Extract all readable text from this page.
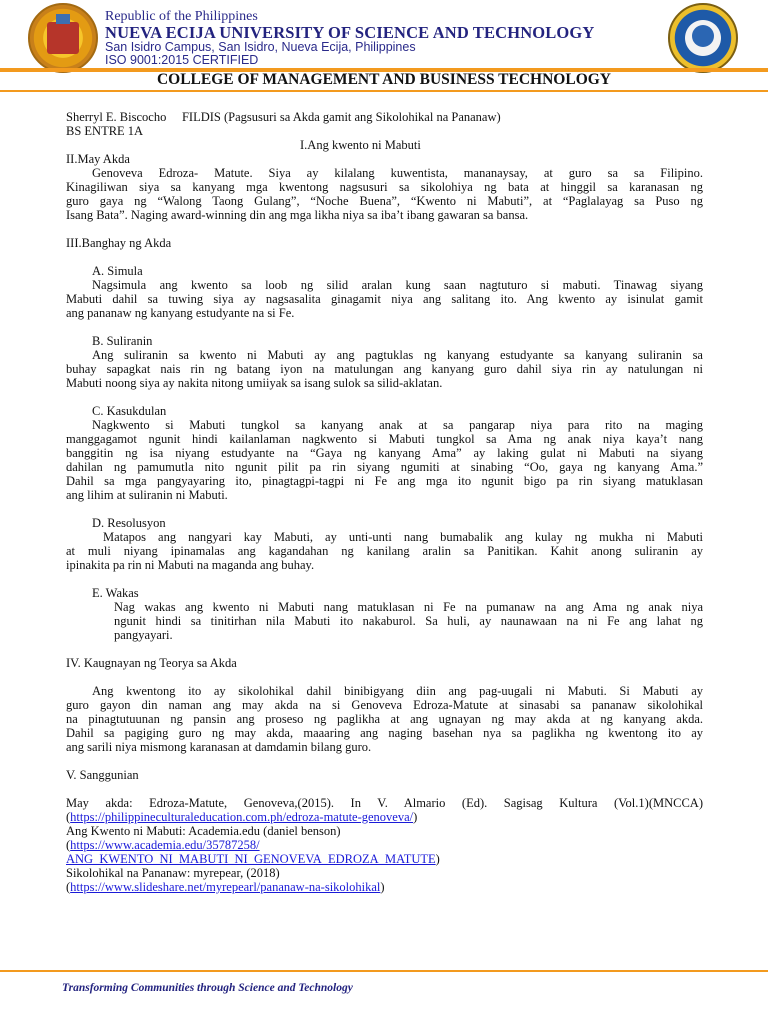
Republic of the Philippines
NUEVA ECIJA UNIVERSITY OF SCIENCE AND TECHNOLOGY
San Isidro Campus, San Isidro, Nueva Ecija, Philippines
ISO 9001:2015 CERTIFIED
COLLEGE OF MANAGEMENT AND BUSINESS TECHNOLOGY
Sherryl E. Biscocho     FILDIS (Pagsusuri sa Akda gamit ang Sikolohikal na Pananaw)
BS ENTRE 1A
I.Ang kwento ni Mabuti
II.May Akda
Genoveva Edroza- Matute. Siya ay kilalang kuwentista, mananaysay, at guro sa sa Filipino.
Kinagiliwan siya sa kanyang mga kwentong nagsusuri sa sikolohiya ng bata at hinggil sa karanasan ng
guro gaya ng “Walong Taong Gulang”, “Noche Buena”, “Kwento ni Mabuti”, at “Paglalayag sa Puso ng
Isang Bata”. Naging award-winning din ang mga likha niya sa iba’t ibang gawaran sa bansa.
III.Banghay ng Akda
A. Simula
Nagsimula ang kwento sa loob ng silid aralan kung saan nagtuturo si mabuti. Tinawag siyang
Mabuti dahil sa tuwing siya ay nagsasalita ginagamit niya ang salitang ito. Ang kwento ay isinulat gamit
ang pananaw ng kanyang estudyante na si Fe.
B. Suliranin
Ang suliranin sa kwento ni Mabuti ay ang pagtuklas ng kanyang estudyante sa kanyang suliranin sa
buhay sapagkat nais rin ng batang iyon na matulungan ang kanyang guro dahil siya rin ay natulungan ni
Mabuti noong siya ay nakita nitong umiiyak sa isang sulok sa silid-aklatan.
C. Kasukdulan
Nagkwento si Mabuti tungkol sa kanyang anak at sa pangarap niya para rito na maging
manggagamot ngunit hindi kailanlaman nagkwento si Mabuti tungkol sa Ama ng anak niya kaya’t nang
banggitin ng isa niyang estudyante na “Gaya ng kanyang Ama” ay laking gulat ni Mabuti na siyang
dahilan ng pamumutla nito ngunit pilit pa rin siyang ngumiti at sinabing “Oo, gaya ng kanyang Ama.”
Dahil sa mga pangyayaring ito, pinagtagpi-tagpi ni Fe ang mga ito ngunit bigo pa rin siyang matuklasan
ang lihim at suliranin ni Mabuti.
D. Resolusyon
Matapos ang nangyari kay Mabuti, ay unti-unti nang bumabalik ang kulay ng mukha ni Mabuti
at muli niyang ipinamalas ang kagandahan ng kanilang aralin sa Panitikan. Kahit anong suliranin ay
ipinakita pa rin ni Mabuti na maganda ang buhay.
E. Wakas
Nag wakas ang kwento ni Mabuti nang matuklasan ni Fe na pumanaw na ang Ama ng anak niya
ngunit hindi sa tinitirhan nila Mabuti ito nakaburol. Sa huli, ay naunawaan na ni Fe ang lahat ng
pangyayari.
IV. Kaugnayan ng Teorya sa Akda
Ang kwentong ito ay sikolohikal dahil binibigyang diin ang pag-uugali ni Mabuti. Si Mabuti ay
guro gayon din naman ang may akda na si Genoveva Edroza-Matute at sinasabi sa pananaw sikolohikal
na pinagtutuunan ng pansin ang proseso ng paglikha at ang ugnayan ng may akda at ng kanyang akda.
Dahil sa pagiging guro ng may akda, maaaring ang naging basehan nya sa paglikha ng kwentong ito ay
ang sarili niya mismong karanasan at damdamin bilang guro.
V. Sanggunian
May akda: Edroza-Matute, Genoveva,(2015). In V. Almario (Ed). Sagisag Kultura (Vol.1)(MNCCA)
(https://philippineculturaleducation.com.ph/edroza-matute-genoveva/)
Ang Kwento ni Mabuti: Academia.edu (daniel benson)
(https://www.academia.edu/35787258/
ANG_KWENTO_NI_MABUTI_NI_GENOVEVA_EDROZA_MATUTE)
Sikolohikal na Pananaw: myrepear, (2018)
(https://www.slideshare.net/myrepearl/pananaw-na-sikolohikal)
Transforming Communities through Science and Technology
